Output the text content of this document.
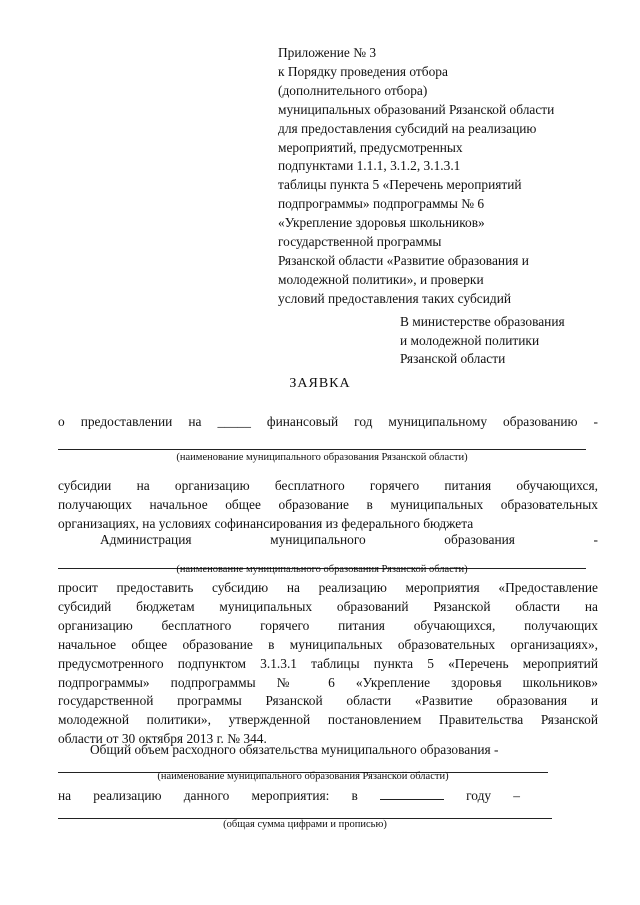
Приложение № 3
к Порядку проведения отбора
(дополнительного отбора)
муниципальных образований Рязанской области
для предоставления субсидий на реализацию
мероприятий, предусмотренных
подпунктами 1.1.1, 3.1.2, 3.1.3.1
таблицы пункта 5 «Перечень мероприятий
подпрограммы» подпрограммы № 6
«Укрепление здоровья школьников»
государственной программы
Рязанской области «Развитие образования и
молодежной политики», и проверки
условий предоставления таких субсидий
В министерстве образования
и молодежной политики
Рязанской области
ЗАЯВКА
о предоставлении на _____ финансовый год муниципальному образованию -
(наименование муниципального образования Рязанской области)
субсидии на организацию бесплатного горячего питания обучающихся,
получающих начальное общее образование в муниципальных образовательных
организациях, на условиях софинансирования из федерального бюджета
Администрация муниципального образования -
(наименование муниципального образования Рязанской области)
просит предоставить субсидию на реализацию мероприятия «Предоставление
субсидий бюджетам муниципальных образований Рязанской области на
организацию бесплатного горячего питания обучающихся, получающих
начальное общее образование в муниципальных образовательных организациях»,
предусмотренного подпунктом 3.1.3.1 таблицы пункта 5 «Перечень мероприятий
подпрограммы» подпрограммы № 6 «Укрепление здоровья школьников»
государственной программы Рязанской области «Развитие образования и
молодежной политики», утвержденной постановлением Правительства Рязанской
области от 30 октября 2013 г. № 344.
Общий объем расходного обязательства муниципального образования -
(наименование муниципального образования Рязанской области)
на реализацию данного мероприятия: в	году –
(общая сумма цифрами и прописью)
